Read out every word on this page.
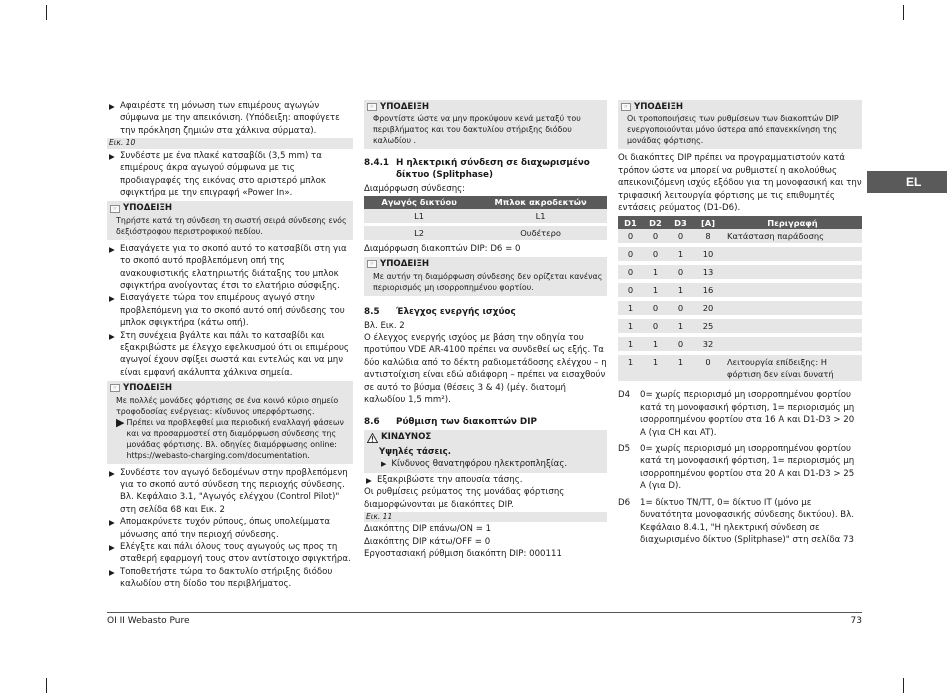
▶ Αφαιρέστε τη μόνωση των επιμέρους αγωγών σύμφωνα με την απεικόνιση. (Υπόδειξη: αποφύγετε την πρόκληση ζημιών στα χάλκινα σύρματα).
Εικ. 10
▶ Συνδέστε με ένα πλακέ κατσαβίδι (3,5 mm) τα επιμέρους άκρα αγωγού σύμφωνα με τις προδιαγραφές της εικόνας στο αριστερό μπλοκ σφιγκτήρα με την επιγραφή «Power In».
☞ ΥΠΟΔΕΙΞΗ
Τηρήστε κατά τη σύνδεση τη σωστή σειρά σύνδεσης ενός δεξιόστροφου περιστροφικού πεδίου.
▶ Εισαγάγετε για το σκοπό αυτό το κατσαβίδι στη για το σκοπό αυτό προβλεπόμενη οπή της ανακουφιστικής ελατηριωτής διάταξης του μπλοκ σφιγκτήρα ανοίγοντας έτσι το ελατήριο σύσφιξης.
▶ Εισαγάγετε τώρα τον επιμέρους αγωγό στην προβλεπόμενη για το σκοπό αυτό οπή σύνδεσης του μπλοκ σφιγκτήρα (κάτω οπή).
▶ Στη συνέχεια βγάλτε και πάλι το κατσαβίδι και εξακριβώστε με έλεγχο εφελκυσμού ότι οι επιμέρους αγωγοί έχουν σφίξει σωστά και εντελώς και να μην είναι εμφανή ακάλυπτα χάλκινα σημεία.
☞ ΥΠΟΔΕΙΞΗ
Με πολλές μονάδες φόρτισης σε ένα κοινό κύριο σημείο τροφοδοσίας ενέργειας: κίνδυνος υπερφόρτωσης.
▶ Πρέπει να προβλεφθεί μια περιοδική εναλλαγή φάσεων και να προσαρμοστεί στη διαμόρφωση σύνδεσης της μονάδας φόρτισης. Βλ. οδηγίες διαμόρφωσης online: https://webasto-charging.com/documentation.
▶ Συνδέστε τον αγωγό δεδομένων στην προβλεπόμενη για το σκοπό αυτό σύνδεση της περιοχής σύνδεσης. Βλ. Κεφάλαιο 3.1, "Αγωγός ελέγχου (Control Pilot)" στη σελίδα 68 και Εικ. 2
▶ Απομακρύνετε τυχόν ρύπους, όπως υπολείμματα μόνωσης από την περιοχή σύνδεσης.
▶ Ελέγξτε και πάλι όλους τους αγωγούς ως προς τη σταθερή εφαρμογή τους στον αντίστοιχο σφιγκτήρα.
▶ Τοποθετήστε τώρα το δακτυλίο στήριξης διόδου καλωδίου στη δίοδο του περιβλήματος.
☞ ΥΠΟΔΕΙΞΗ
Φροντίστε ώστε να μην προκύψουν κενά μεταξύ του περιβλήματος και του δακτυλίου στήριξης διόδου καλωδίου .
8.4.1 Η ηλεκτρική σύνδεση σε διαχωρισμένο δίκτυο (Splitphase)
Διαμόρφωση σύνδεσης:
Αγωγός δικτύου	Μπλοκ ακροδεκτών
L1	L1
L2	Ουδέτερο
Διαμόρφωση διακοπτών DIP: D6 = 0
☞ ΥΠΟΔΕΙΞΗ
Με αυτήν τη διαμόρφωση σύνδεσης δεν ορίζεται κανένας περιορισμός μη ισορροπημένου φορτίου.
8.5	Έλεγχος ενεργής ισχύος
Βλ. Εικ. 2
Ο έλεγχος ενεργής ισχύος με βάση την οδηγία του προτύπου VDE AR-4100 πρέπει να συνδεθεί ως εξής. Τα δύο καλώδια από το δέκτη ραδιομετάδοσης ελέγχου – η αντιστοίχιση είναι εδώ αδιάφορη – πρέπει να εισαχθούν σε αυτό το βύσμα (θέσεις 3 & 4) (μέγ. διατομή καλωδίου 1,5 mm²).
8.6	Ρύθμιση των διακοπτών DIP
ΚΙΝΔΥΝΟΣ
Υψηλές τάσεις.
▶ Κίνδυνος θανατηφόρου ηλεκτροπληξίας.
▶ Εξακριβώστε την απουσία τάσης.
Οι ρυθμίσεις ρεύματος της μονάδας φόρτισης διαμορφώνονται με διακόπτες DIP.
Εικ. 11
Διακόπτης DIP επάνω/ON = 1
Διακόπτης DIP κάτω/OFF = 0
Εργοστασιακή ρύθμιση διακόπτη DIP: 000111
☞ ΥΠΟΔΕΙΞΗ
Οι τροποποιήσεις των ρυθμίσεων των διακοπτών DIP ενεργοποιούνται μόνο ύστερα από επανεκκίνηση της μονάδας φόρτισης.
Οι διακόπτες DIP πρέπει να προγραμματιστούν κατά τρόπον ώστε να μπορεί να ρυθμιστεί η ακολούθως απεικονιζόμενη ισχύς εξόδου για τη μονοφασική και την τριφασική λειτουργία φόρτισης με τις επιθυμητές εντάσεις ρεύματος (D1-D6).
D1	D2	D3	[A]	Περιγραφή
0	0	0	8	Κατάσταση παράδοσης
0	0	1	10	
0	1	0	13	
0	1	1	16	
1	0	0	20	
1	0	1	25	
1	1	0	32	
1	1	1	0	Λειτουργία επίδειξης: Η φόρτιση δεν είναι δυνατή
D4	0= χωρίς περιορισμό μη ισορροπημένου φορτίου κατά τη μονοφασική φόρτιση, 1= περιορισμός μη ισορροπημένου φορτίου στα 16 A και D1-D3 > 20 A (για CH και AT).
D5	0= χωρίς περιορισμό μη ισορροπημένου φορτίου κατά τη μονοφασική φόρτιση, 1= περιορισμός μη ισορροπημένου φορτίου στα 20 A και D1-D3 > 25 A (για D).
D6	1= δίκτυο TN/TT, 0= δίκτυο IT (μόνο με δυνατότητα μονοφασικής σύνδεσης δικτύου). Βλ. Κεφάλαιο 8.4.1, "Η ηλεκτρική σύνδεση σε διαχωρισμένο δίκτυο (Splitphase)" στη σελίδα 73
EL
OI II Webasto Pure	73
